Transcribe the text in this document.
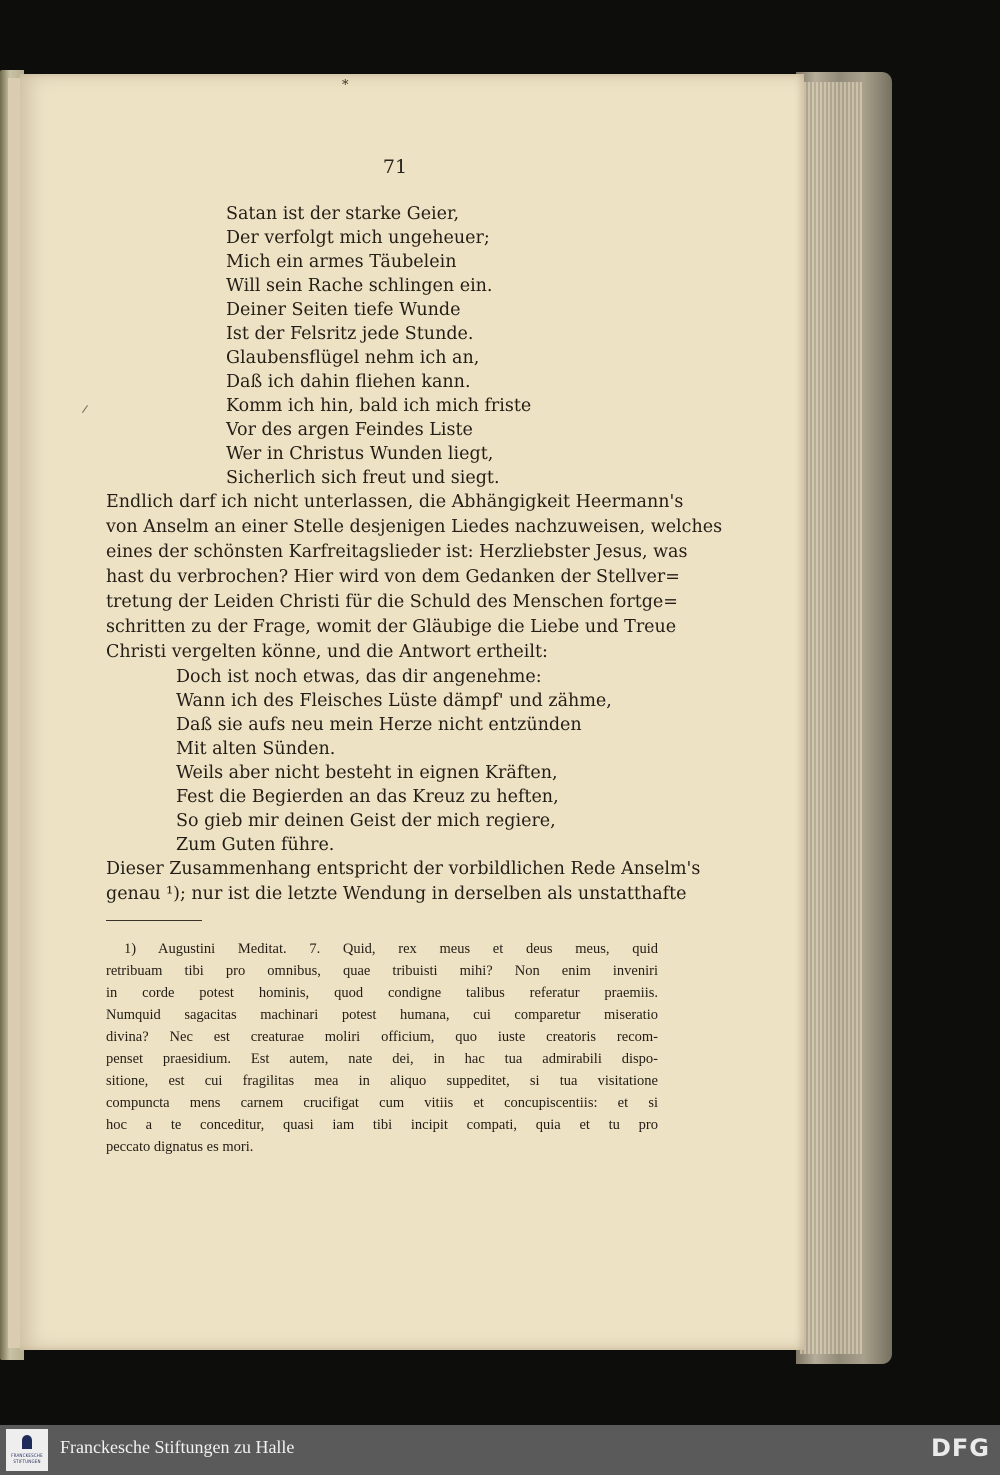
*
71
Satan ist der starke Geier,
Der verfolgt mich ungeheuer;
Mich ein armes Täubelein
Will sein Rache schlingen ein.
Deiner Seiten tiefe Wunde
Ist der Felsritz jede Stunde.
Glaubensflügel nehm ich an,
Daß ich dahin fliehen kann.
Komm ich hin, bald ich mich friste
Vor des argen Feindes Liste
Wer in Christus Wunden liegt,
Sicherlich sich freut und siegt.
Endlich darf ich nicht unterlassen, die Abhängigkeit Heermann's
von Anselm an einer Stelle desjenigen Liedes nachzuweisen, welches
eines der schönsten Karfreitagslieder ist: Herzliebster Jesus, was
hast du verbrochen? Hier wird von dem Gedanken der Stellver=
tretung der Leiden Christi für die Schuld des Menschen fortge=
schritten zu der Frage, womit der Gläubige die Liebe und Treue
Christi vergelten könne, und die Antwort ertheilt:
Doch ist noch etwas, das dir angenehme:
Wann ich des Fleisches Lüste dämpf' und zähme,
Daß sie aufs neu mein Herze nicht entzünden
Mit alten Sünden.
Weils aber nicht besteht in eignen Kräften,
Fest die Begierden an das Kreuz zu heften,
So gieb mir deinen Geist der mich regiere,
Zum Guten führe.
Dieser Zusammenhang entspricht der vorbildlichen Rede Anselm's
genau ¹); nur ist die letzte Wendung in derselben als unstatthafte
1) Augustini Meditat. 7. Quid, rex meus et deus meus, quid
retribuam tibi pro omnibus, quae tribuisti mihi? Non enim inveniri
in corde potest hominis, quod condigne talibus referatur praemiis.
Numquid sagacitas machinari potest humana, cui comparetur miseratio
divina? Nec est creaturae moliri officium, quo iuste creatoris recom-
penset praesidium. Est autem, nate dei, in hac tua admirabili dispo-
sitione, est cui fragilitas mea in aliquo suppeditet, si tua visitatione
compuncta mens carnem crucifigat cum vitiis et concupiscentiis: et si
hoc a te conceditur, quasi iam tibi incipit compati, quia et tu pro
peccato dignatus es mori.
FRANCKESCHE STIFTUNGEN
Franckesche Stiftungen zu Halle	DFG
